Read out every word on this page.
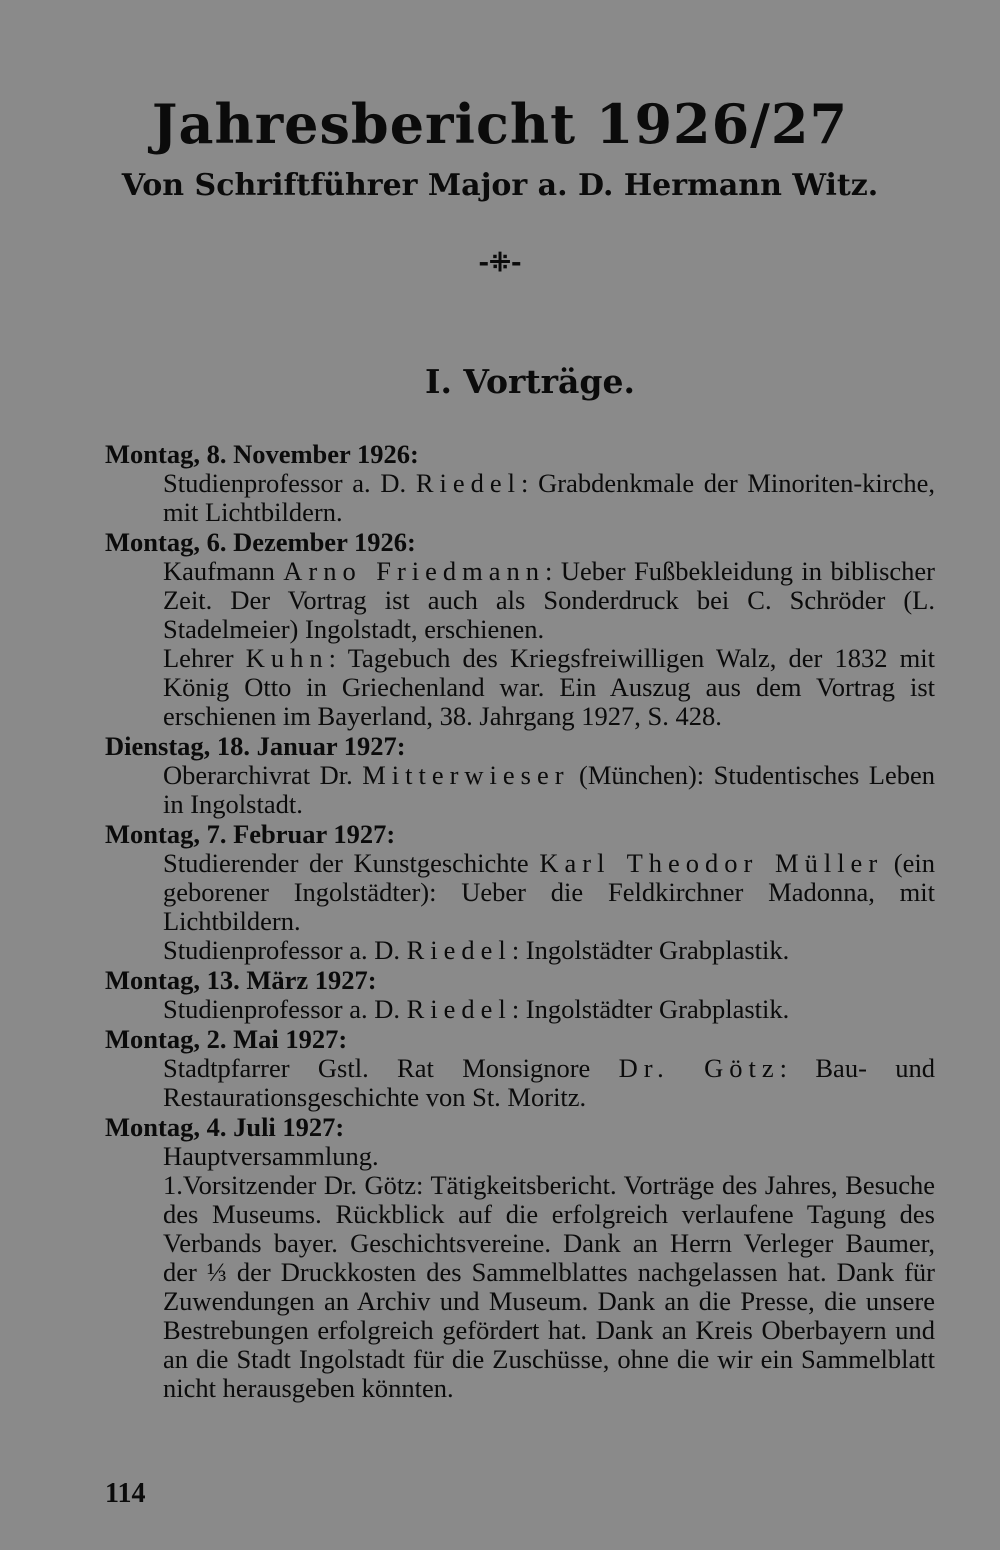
Jahresbericht 1926/27
Von Schriftführer Major a. D. Hermann Witz.
-⁜-
I. Vorträge.
Montag, 8. November 1926:

Studienprofessor a. D. Riedel: Grabdenkmale der Minoriten-kirche, mit Lichtbildern.

Montag, 6. Dezember 1926:

Kaufmann Arno Friedmann: Ueber Fußbekleidung in biblischer Zeit. Der Vortrag ist auch als Sonderdruck bei C. Schröder (L. Stadelmeier) Ingolstadt, erschienen.

Lehrer Kuhn: Tagebuch des Kriegsfreiwilligen Walz, der 1832 mit König Otto in Griechenland war. Ein Auszug aus dem Vortrag ist erschienen im Bayerland, 38. Jahrgang 1927, S. 428.

Dienstag, 18. Januar 1927:

Oberarchivrat Dr. Mitterwieser (München): Studentisches Leben in Ingolstadt.

Montag, 7. Februar 1927:

Studierender der Kunstgeschichte Karl Theodor Müller (ein geborener Ingolstädter): Ueber die Feldkirchner Madonna, mit Lichtbildern.

Studienprofessor a. D. Riedel: Ingolstädter Grabplastik.

Montag, 13. März 1927:

Studienprofessor a. D. Riedel: Ingolstädter Grabplastik.

Montag, 2. Mai 1927:

Stadtpfarrer Gstl. Rat Monsignore Dr. Götz: Bau- und Restaurationsgeschichte von St. Moritz.

Montag, 4. Juli 1927:

Hauptversammlung.

1.Vorsitzender Dr. Götz: Tätigkeitsbericht. Vorträge des Jahres, Besuche des Museums. Rückblick auf die erfolgreich verlaufene Tagung des Verbands bayer. Geschichtsvereine. Dank an Herrn Verleger Baumer, der ⅓ der Druckkosten des Sammelblattes nachgelassen hat. Dank für Zuwendungen an Archiv und Museum. Dank an die Presse, die unsere Bestrebungen erfolgreich gefördert hat. Dank an Kreis Oberbayern und an die Stadt Ingolstadt für die Zuschüsse, ohne die wir ein Sammelblatt nicht herausgeben könnten.

114
